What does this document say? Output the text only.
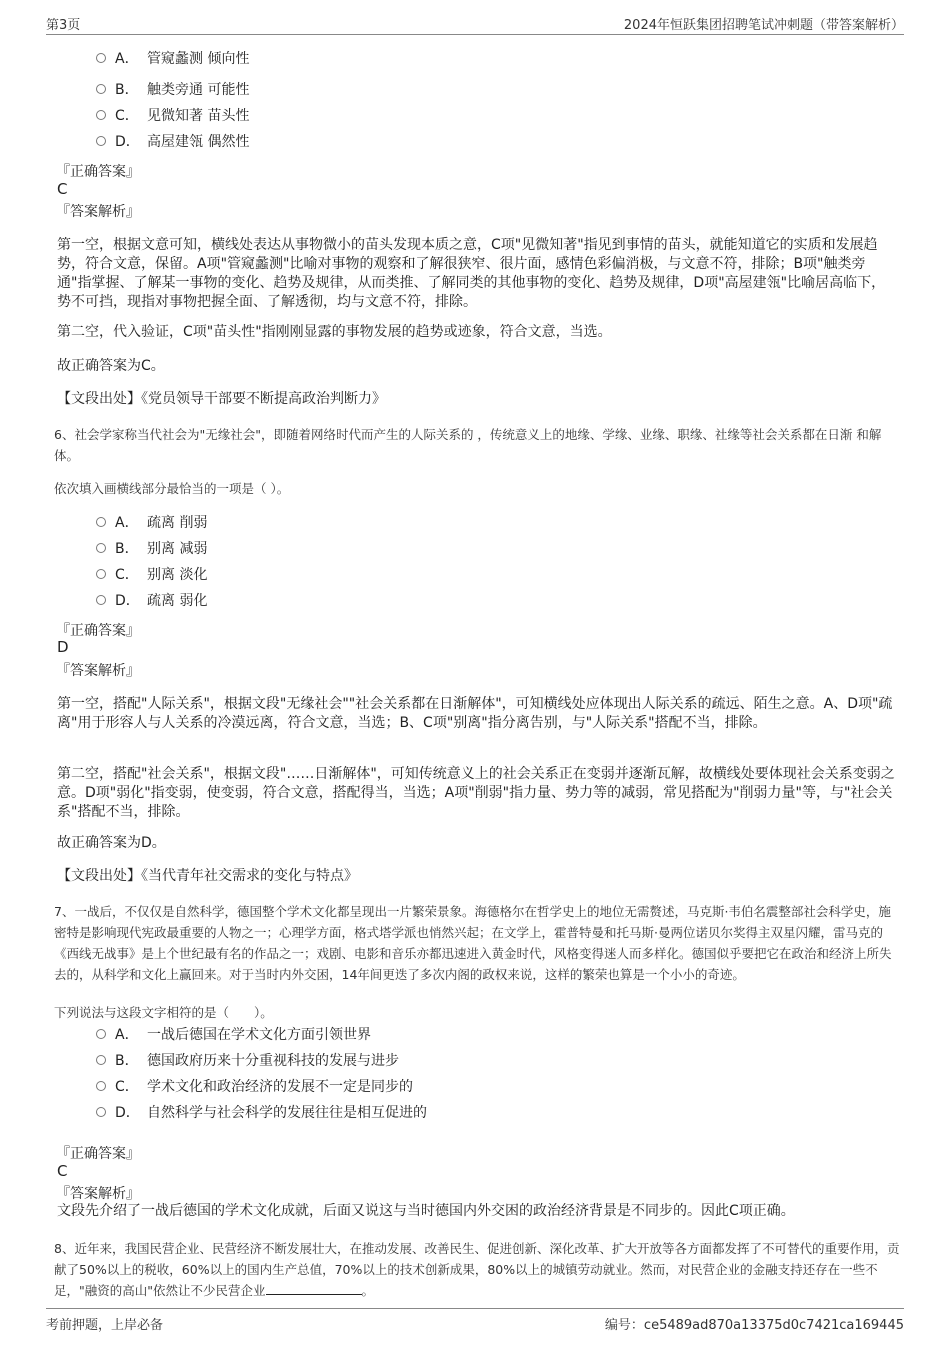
第3页	2024年恒跃集团招聘笔试冲刺题（带答案解析）
A． 管窥蠡测 倾向性
B． 触类旁通 可能性
C． 见微知著 苗头性
D． 高屋建瓴 偶然性
『正确答案』
C
『答案解析』
第一空，根据文意可知，横线处表达从事物微小的苗头发现本质之意，C项"见微知著"指见到事情的苗头，就能知道它的实质和发展趋势，符合文意，保留。A项"管窥蠡测"比喻对事物的观察和了解很狭窄、很片面，感情色彩偏消极，与文意不符，排除；B项"触类旁通"指掌握、了解某一事物的变化、趋势及规律，从而类推、了解同类的其他事物的变化、趋势及规律，D项"高屋建瓴"比喻居高临下，势不可挡，现指对事物把握全面、了解透彻，均与文意不符，排除。
第二空，代入验证，C项"苗头性"指刚刚显露的事物发展的趋势或迹象，符合文意，当选。
故正确答案为C。
【文段出处】《党员领导干部要不断提高政治判断力》
6、社会学家称当代社会为"无缘社会"，即随着网络时代而产生的人际关系的 ，传统意义上的地缘、学缘、业缘、职缘、社缘等社会关系都在日渐 和解体。
依次填入画横线部分最恰当的一项是（ ）。
A． 疏离 削弱
B． 别离 减弱
C． 别离 淡化
D． 疏离 弱化
『正确答案』
D
『答案解析』
第一空，搭配"人际关系"，根据文段"无缘社会""社会关系都在日渐解体"，可知横线处应体现出人际关系的疏远、陌生之意。A、D项"疏离"用于形容人与人关系的冷漠远离，符合文意，当选；B、C项"别离"指分离告别，与"人际关系"搭配不当，排除。
第二空，搭配"社会关系"，根据文段"……日渐解体"，可知传统意义上的社会关系正在变弱并逐渐瓦解，故横线处要体现社会关系变弱之意。D项"弱化"指变弱，使变弱，符合文意，搭配得当，当选；A项"削弱"指力量、势力等的减弱，常见搭配为"削弱力量"等，与"社会关系"搭配不当，排除。
故正确答案为D。
【文段出处】《当代青年社交需求的变化与特点》
7、一战后，不仅仅是自然科学，德国整个学术文化都呈现出一片繁荣景象。海德格尔在哲学史上的地位无需赘述，马克斯·韦伯名震整部社会科学史，施密特是影响现代宪政最重要的人物之一；心理学方面，格式塔学派也悄然兴起；在文学上，霍普特曼和托马斯·曼两位诺贝尔奖得主双星闪耀，雷马克的《西线无战事》是上个世纪最有名的作品之一；戏剧、电影和音乐亦都迅速进入黄金时代，风格变得迷人而多样化。德国似乎要把它在政治和经济上所失去的，从科学和文化上赢回来。对于当时内外交困，14年间更迭了多次内阁的政权来说，这样的繁荣也算是一个小小的奇迹。
下列说法与这段文字相符的是（　　）。
A． 一战后德国在学术文化方面引领世界
B． 德国政府历来十分重视科技的发展与进步
C． 学术文化和政治经济的发展不一定是同步的
D． 自然科学与社会科学的发展往往是相互促进的
『正确答案』
C
『答案解析』
文段先介绍了一战后德国的学术文化成就，后面又说这与当时德国内外交困的政治经济背景是不同步的。因此C项正确。
8、近年来，我国民营企业、民营经济不断发展壮大，在推动发展、改善民生、促进创新、深化改革、扩大开放等各方面都发挥了不可替代的重要作用，贡献了50%以上的税收，60%以上的国内生产总值，70%以上的技术创新成果，80%以上的城镇劳动就业。然而，对民营企业的金融支持还存在一些不足，"融资的高山"依然让不少民营企业	。
考前押题，上岸必备	编号：ce5489ad870a13375d0c7421ca169445
